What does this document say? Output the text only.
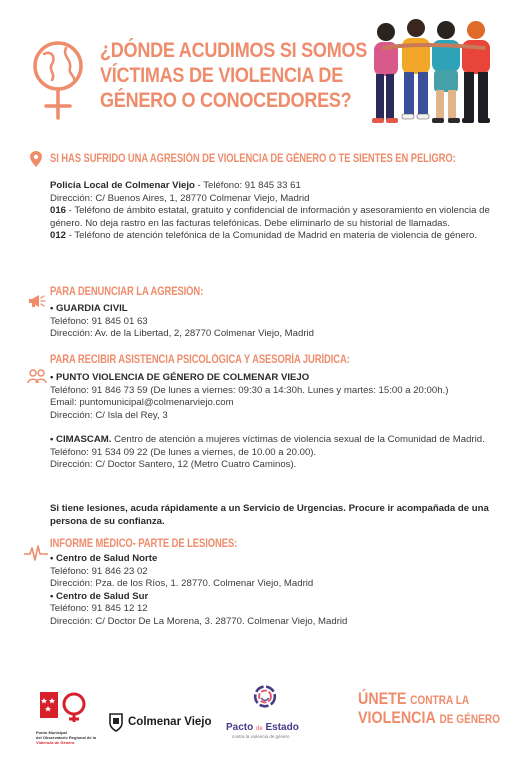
¿DÓNDE ACUDIMOS SI SOMOS
VÍCTIMAS DE VIOLENCIA DE
GÉNERO O CONOCEDORES?
SI HAS SUFRIDO UNA AGRESIÓN DE VIOLENCIA DE GÉNERO O TE SIENTES EN PELIGRO:
Policía Local de Colmenar Viejo - Teléfono: 91 845 33 61
Dirección: C/ Buenos Aires, 1, 28770 Colmenar Viejo, Madrid
016 - Teléfono de ámbito estatal, gratuito y confidencial de información y asesoramiento en violencia de género. No deja rastro en las facturas telefónicas. Debe eliminarlo de su historial de llamadas.
012 - Teléfono de atención telefónica de la Comunidad de Madrid en materia de violencia de género.
PARA DENUNCIAR LA AGRESIÓN:
• GUARDIA CIVIL
Teléfono: 91 845 01 63
Dirección: Av. de la Libertad, 2, 28770 Colmenar Viejo, Madrid
PARA RECIBIR ASISTENCIA PSICOLÓGICA Y ASESORÍA JURÍDICA:
• PUNTO VIOLENCIA DE GÉNERO DE COLMENAR VIEJO
Teléfono: 91 846 73 59 (De lunes a viernes: 09:30 a 14:30h. Lunes y martes: 15:00 a 20:00h.)
Email: puntomunicipal@colmenarviejo.com
Dirección: C/ Isla del Rey, 3
• CIMASCAM. Centro de atención a mujeres víctimas de violencia sexual de la Comunidad de Madrid.
Teléfono: 91 534 09 22 (De lunes a viernes, de 10.00 a 20.00).
Dirección: C/ Doctor Santero, 12 (Metro Cuatro Caminos).
Si tiene lesiones, acuda rápidamente a un Servicio de Urgencias. Procure ir acompañada de una persona de su confianza.
INFORME MÉDICO- PARTE DE LESIONES:
• Centro de Salud Norte
Teléfono: 91 846 23 02
Dirección: Pza. de los Ríos, 1. 28770. Colmenar Viejo, Madrid
• Centro de Salud Sur
Teléfono: 91 845 12 12
Dirección: C/ Doctor De La Morena, 3. 28770. Colmenar Viejo, Madrid
Punto Municipal
del Observatorio Regional de la
Violencia de Género
Colmenar Viejo Pacto de Estado
contra la violencia de género
ÚNETE CONTRA LA
VIOLENCIA DE GÉNERO
